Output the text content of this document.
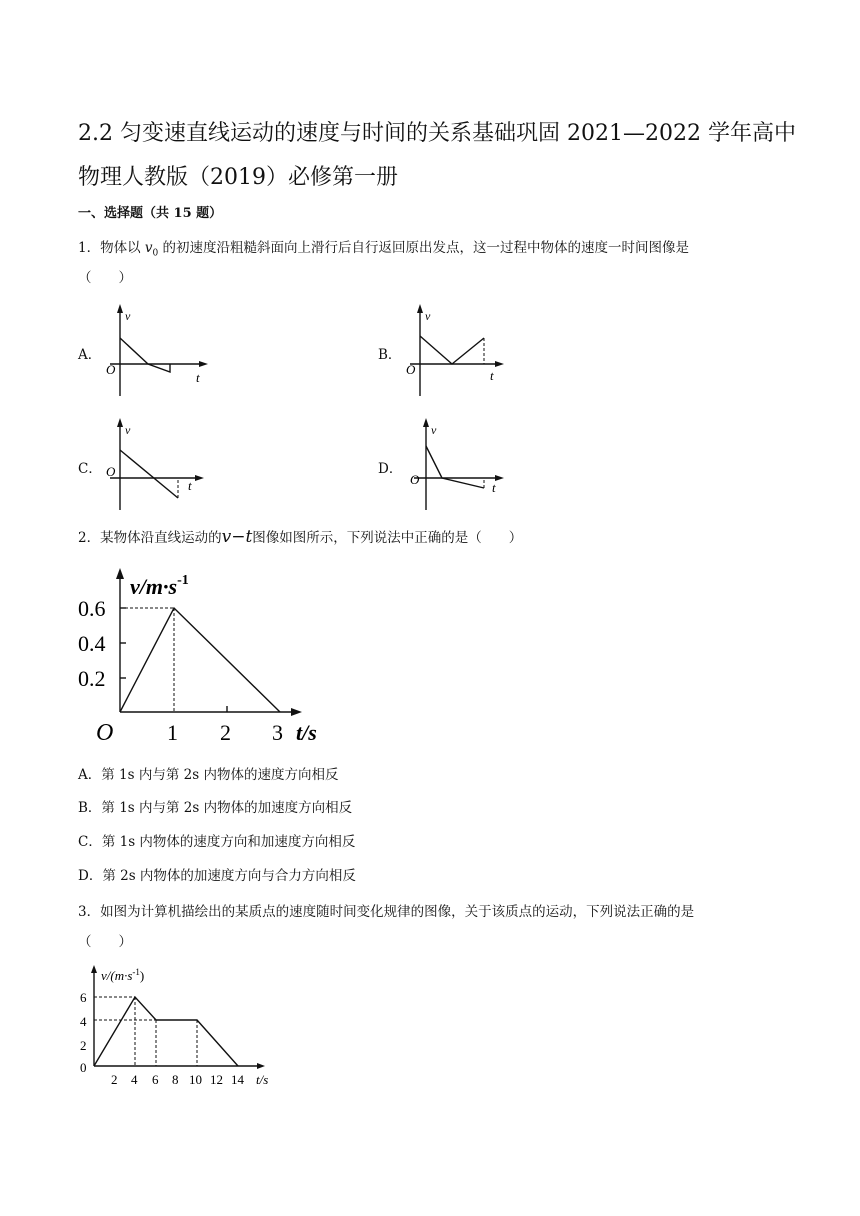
2.2 匀变速直线运动的速度与时间的关系基础巩固 2021—2022 学年高中物理人教版（2019）必修第一册
一、选择题（共 15 题）
1．物体以 $v_0$ 的初速度沿粗糙斜面向上滑行后自行返回原出发点，这一过程中物体的速度一时间图像是
（　　）
A．
v
O
t
B．
v
O	t
C．
v
O
t
D．
v
O
t
2．某物体沿直线运动的v−t图像如图所示，下列说法中正确的是（　　）
$v/m\cdot s^{-1}$
0.6
0.4
0.2
O 1 2 3 t/s
A．第 1s 内与第 2s 内物体的速度方向相反
B．第 1s 内与第 2s 内物体的加速度方向相反
C．第 1s 内物体的速度方向和加速度方向相反
D．第 2s 内物体的加速度方向与合力方向相反
3．如图为计算机描绘出的某质点的速度随时间变化规律的图像，关于该质点的运动，下列说法正确的是
（　　）
$v/(m\cdot s^{-1})$
6
4
2
0
2 4 6 8 10 12 14 t/s
